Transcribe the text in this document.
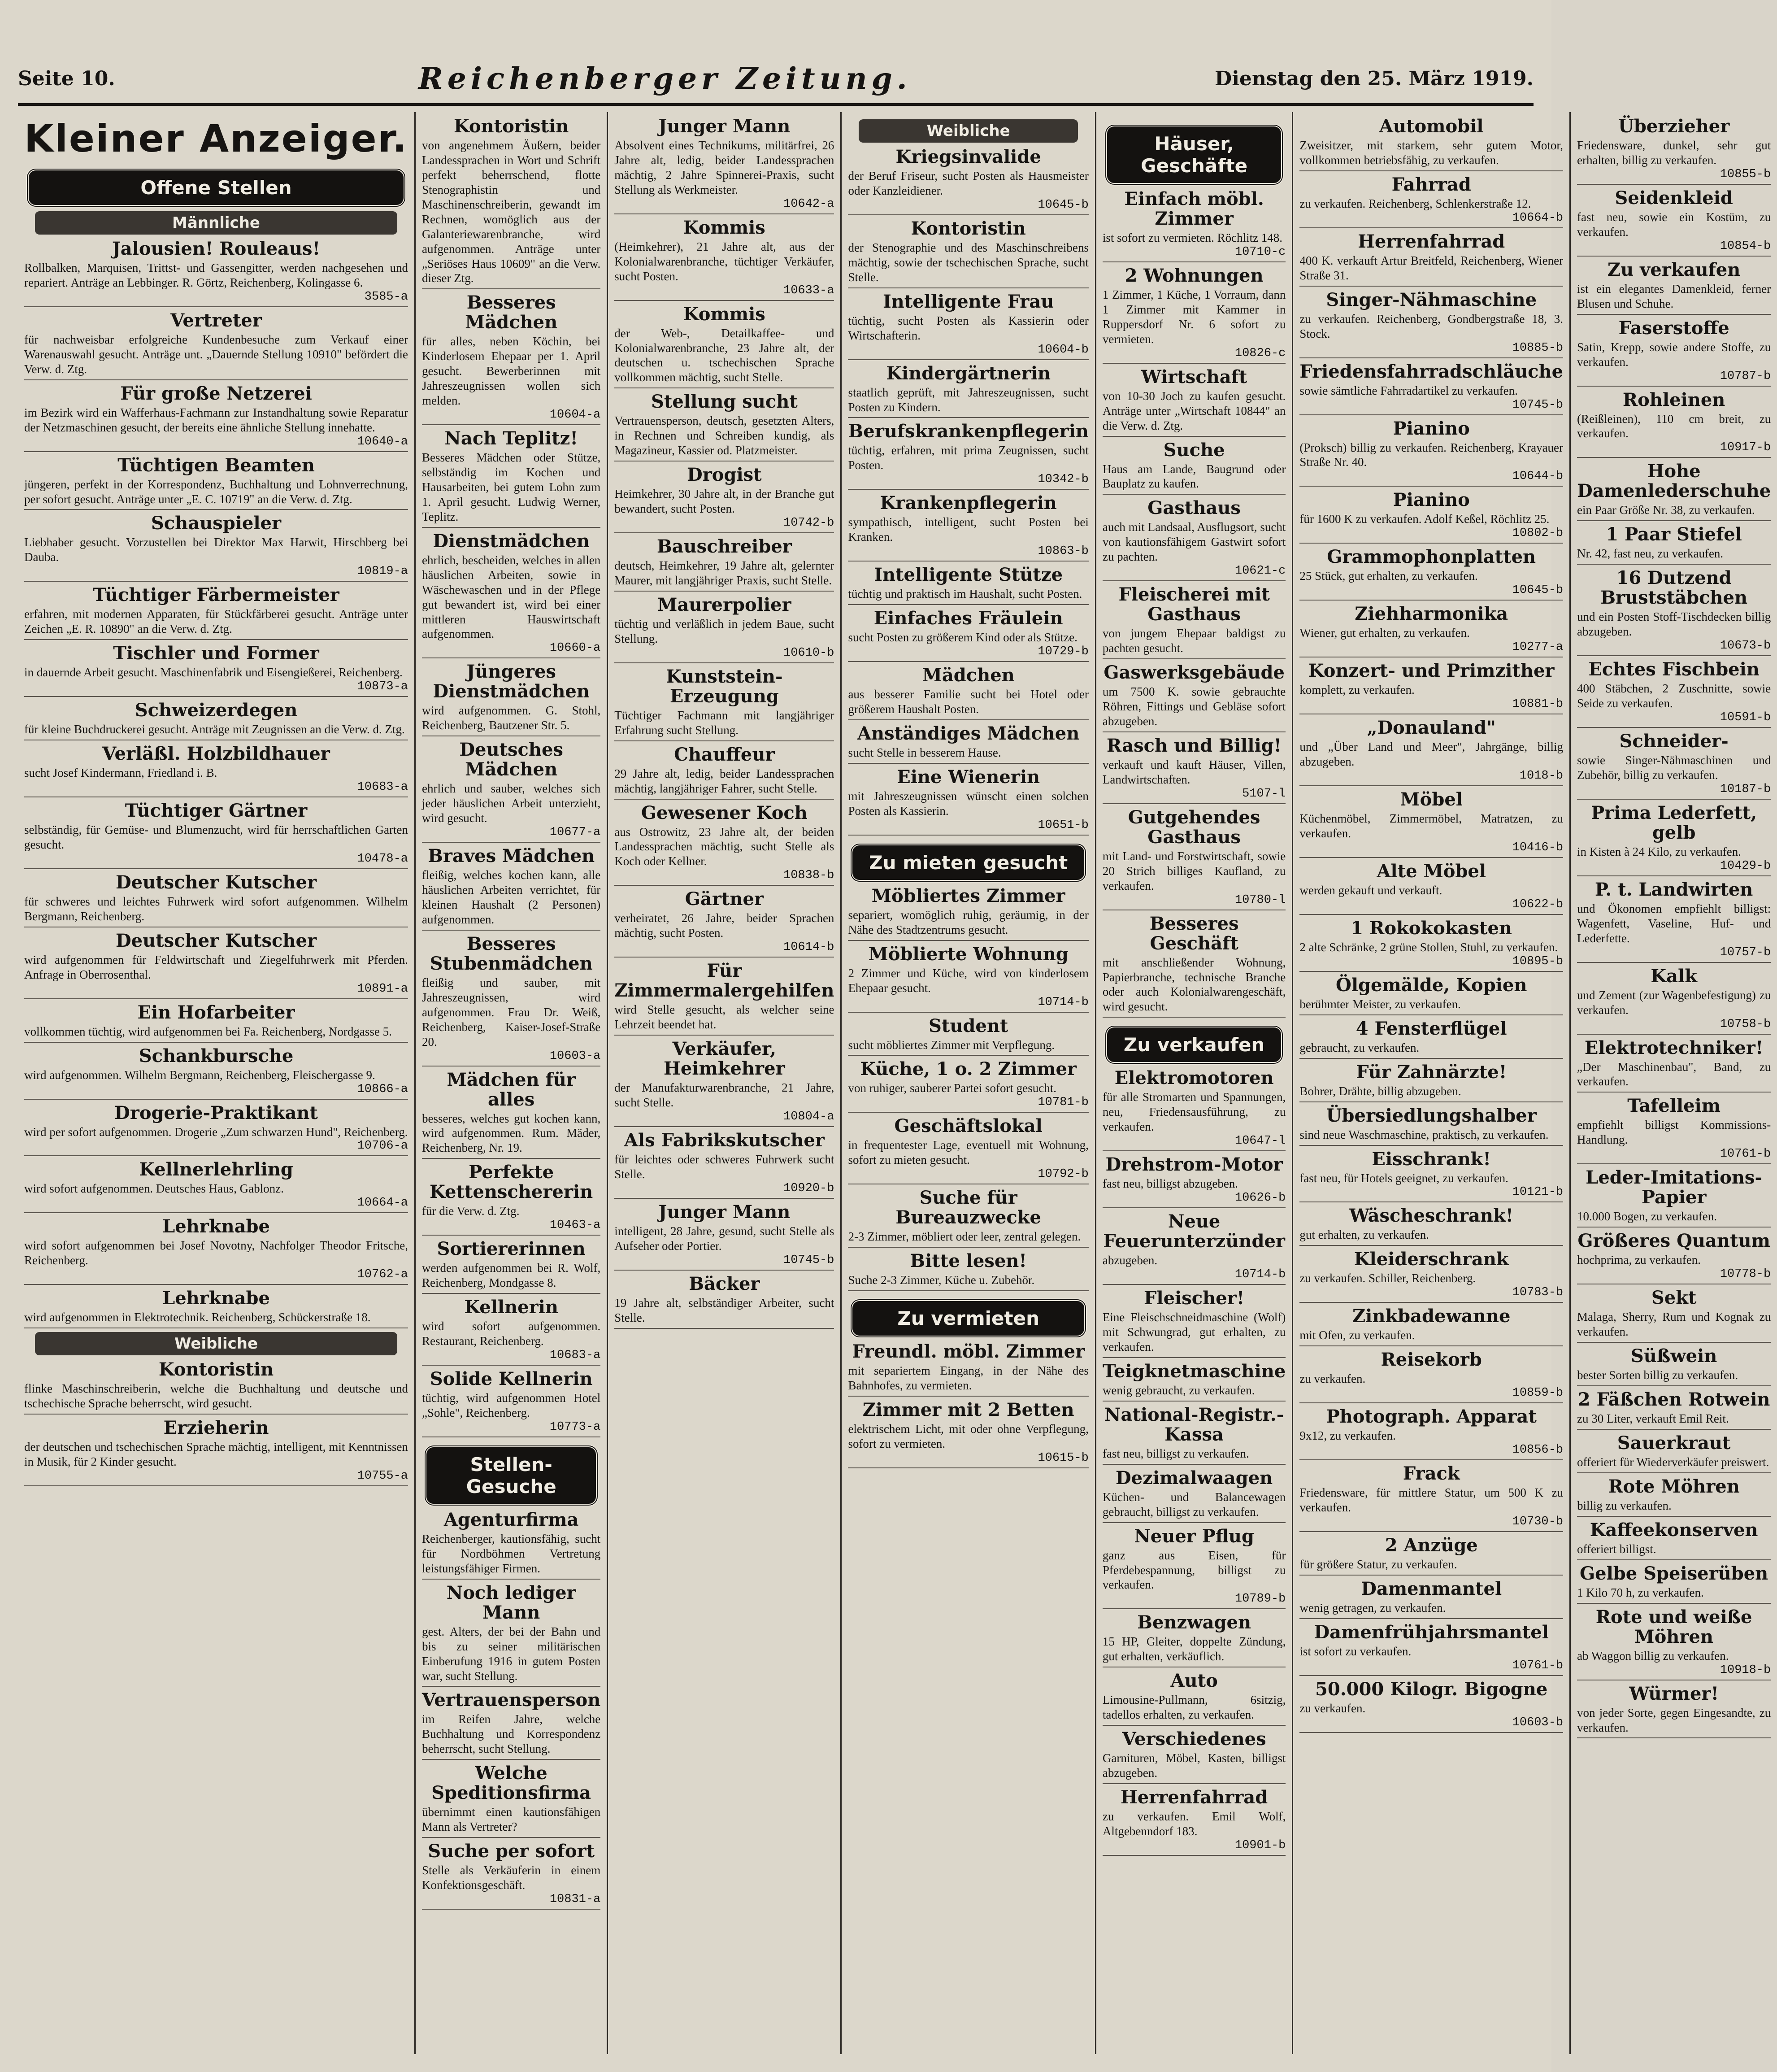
Seite 10.	Reichenberger Zeitung.	Dienstag den 25. März 1919.
Kleiner Anzeiger.
Offene Stellen
Männliche
Jalousien! Rouleaus!
Rollbalken, Marquisen, Trittst- und Gassengitter, werden nachgesehen und repariert. Anträge an Lebbinger. R. Görtz, Reichenberg, Kolingasse 6.
3585-a
Vertreter
für nachweisbar erfolgreiche Kundenbesuche zum Verkauf einer Warenauswahl gesucht. Anträge unt. „Dauernde Stellung 10910" befördert die Verw. d. Ztg.
Für große Netzerei
im Bezirk wird ein Wafferhaus-Fachmann zur Instandhaltung sowie Reparatur der Netzmaschinen gesucht, der bereits eine ähnliche Stellung innehatte.
10640-a
Tüchtigen Beamten
jüngeren, perfekt in der Korrespondenz, Buchhaltung und Lohnverrechnung, per sofort gesucht. Anträge unter „E. C. 10719" an die Verw. d. Ztg.
Schauspieler
Liebhaber gesucht. Vorzustellen bei Direktor Max Harwit, Hirschberg bei Dauba.
10819-a
Tüchtiger Färbermeister
erfahren, mit modernen Apparaten, für Stückfärberei gesucht. Anträge unter Zeichen „E. R. 10890" an die Verw. d. Ztg.
Tischler und Former
in dauernde Arbeit gesucht. Maschinenfabrik und Eisengießerei, Reichenberg.
10873-a
Schweizerdegen
für kleine Buchdruckerei gesucht. Anträge mit Zeugnissen an die Verw. d. Ztg.
Verläßl. Holzbildhauer
sucht Josef Kindermann, Friedland i. B.
10683-a
Tüchtiger Gärtner
selbständig, für Gemüse- und Blumenzucht, wird für herrschaftlichen Garten gesucht.
10478-a
Deutscher Kutscher
für schweres und leichtes Fuhrwerk wird sofort aufgenommen. Wilhelm Bergmann, Reichenberg.
Deutscher Kutscher
wird aufgenommen für Feldwirtschaft und Ziegelfuhrwerk mit Pferden. Anfrage in Oberrosenthal.
10891-a
Ein Hofarbeiter
vollkommen tüchtig, wird aufgenommen bei Fa. Reichenberg, Nordgasse 5.
Schankbursche
wird aufgenommen. Wilhelm Bergmann, Reichenberg, Fleischergasse 9.
10866-a
Drogerie-Praktikant
wird per sofort aufgenommen. Drogerie „Zum schwarzen Hund", Reichenberg.
10706-a
Kellnerlehrling
wird sofort aufgenommen. Deutsches Haus, Gablonz.
10664-a
Lehrknabe
wird sofort aufgenommen bei Josef Novotny, Nachfolger Theodor Fritsche, Reichenberg.
10762-a
Lehrknabe
wird aufgenommen in Elektrotechnik. Reichenberg, Schückerstraße 18.
Weibliche
Kontoristin
flinke Maschinschreiberin, welche die Buchhaltung und deutsche und tschechische Sprache beherrscht, wird gesucht.
Erzieherin
der deutschen und tschechischen Sprache mächtig, intelligent, mit Kenntnissen in Musik, für 2 Kinder gesucht.
10755-a
Kontoristin
von angenehmem Äußern, beider Landessprachen in Wort und Schrift perfekt beherrschend, flotte Stenographistin und Maschinenschreiberin, gewandt im Rechnen, womöglich aus der Galanteriewarenbranche, wird aufgenommen. Anträge unter „Seriöses Haus 10609" an die Verw. dieser Ztg.
Besseres Mädchen
für alles, neben Köchin, bei Kinderlosem Ehepaar per 1. April gesucht. Bewerberinnen mit Jahreszeugnissen wollen sich melden.
10604-a
Nach Teplitz!
Besseres Mädchen oder Stütze, selbständig im Kochen und Hausarbeiten, bei gutem Lohn zum 1. April gesucht. Ludwig Werner, Teplitz.
Dienstmädchen
ehrlich, bescheiden, welches in allen häuslichen Arbeiten, sowie in Wäschewaschen und in der Pflege gut bewandert ist, wird bei einer mittleren Hauswirtschaft aufgenommen.
10660-a
Jüngeres Dienstmädchen
wird aufgenommen. G. Stohl, Reichenberg, Bautzener Str. 5.
Deutsches Mädchen
ehrlich und sauber, welches sich jeder häuslichen Arbeit unterzieht, wird gesucht.
10677-a
Braves Mädchen
fleißig, welches kochen kann, alle häuslichen Arbeiten verrichtet, für kleinen Haushalt (2 Personen) aufgenommen.
Besseres Stubenmädchen
fleißig und sauber, mit Jahreszeugnissen, wird aufgenommen. Frau Dr. Weiß, Reichenberg, Kaiser-Josef-Straße 20.
10603-a
Mädchen für alles
besseres, welches gut kochen kann, wird aufgenommen. Rum. Mäder, Reichenberg, Nr. 19.
Perfekte Kettenschererin
für die Verw. d. Ztg.
10463-a
Sortiererinnen
werden aufgenommen bei R. Wolf, Reichenberg, Mondgasse 8.
Kellnerin
wird sofort aufgenommen. Restaurant, Reichenberg.
10683-a
Solide Kellnerin
tüchtig, wird aufgenommen Hotel „Sohle", Reichenberg.
10773-a
Stellen-Gesuche
Agenturfirma
Reichenberger, kautionsfähig, sucht für Nordböhmen Vertretung leistungsfähiger Firmen.
Noch lediger Mann
gest. Alters, der bei der Bahn und bis zu seiner militärischen Einberufung 1916 in gutem Posten war, sucht Stellung.
Vertrauensperson
im Reifen Jahre, welche Buchhaltung und Korrespondenz beherrscht, sucht Stellung.
Welche Speditionsfirma
übernimmt einen kautionsfähigen Mann als Vertreter?
Suche per sofort
Stelle als Verkäuferin in einem Konfektionsgeschäft.
10831-a
Junger Mann
Absolvent eines Technikums, militärfrei, 26 Jahre alt, ledig, beider Landessprachen mächtig, 2 Jahre Spinnerei-Praxis, sucht Stellung als Werkmeister.
10642-a
Kommis
(Heimkehrer), 21 Jahre alt, aus der Kolonialwarenbranche, tüchtiger Verkäufer, sucht Posten.
10633-a
Kommis
der Web-, Detailkaffee- und Kolonialwarenbranche, 23 Jahre alt, der deutschen u. tschechischen Sprache vollkommen mächtig, sucht Stelle.
Stellung sucht
Vertrauensperson, deutsch, gesetzten Alters, in Rechnen und Schreiben kundig, als Magazineur, Kassier od. Platzmeister.
Drogist
Heimkehrer, 30 Jahre alt, in der Branche gut bewandert, sucht Posten.
10742-b
Bauschreiber
deutsch, Heimkehrer, 19 Jahre alt, gelernter Maurer, mit langjähriger Praxis, sucht Stelle.
Maurerpolier
tüchtig und verläßlich in jedem Baue, sucht Stellung.
10610-b
Kunststein-Erzeugung
Tüchtiger Fachmann mit langjähriger Erfahrung sucht Stellung.
Chauffeur
29 Jahre alt, ledig, beider Landessprachen mächtig, langjähriger Fahrer, sucht Stelle.
Gewesener Koch
aus Ostrowitz, 23 Jahre alt, der beiden Landessprachen mächtig, sucht Stelle als Koch oder Kellner.
10838-b
Gärtner
verheiratet, 26 Jahre, beider Sprachen mächtig, sucht Posten.
10614-b
Für Zimmermalergehilfen
wird Stelle gesucht, als welcher seine Lehrzeit beendet hat.
Verkäufer, Heimkehrer
der Manufakturwarenbranche, 21 Jahre, sucht Stelle.
10804-a
Als Fabrikskutscher
für leichtes oder schweres Fuhrwerk sucht Stelle.
10920-b
Junger Mann
intelligent, 28 Jahre, gesund, sucht Stelle als Aufseher oder Portier.
10745-b
Bäcker
19 Jahre alt, selbständiger Arbeiter, sucht Stelle.
Weibliche
Kriegsinvalide
der Beruf Friseur, sucht Posten als Hausmeister oder Kanzleidiener.
10645-b
Kontoristin
der Stenographie und des Maschinschreibens mächtig, sowie der tschechischen Sprache, sucht Stelle.
Intelligente Frau
tüchtig, sucht Posten als Kassierin oder Wirtschafterin.
10604-b
Kindergärtnerin
staatlich geprüft, mit Jahreszeugnissen, sucht Posten zu Kindern.
Berufskrankenpflegerin
tüchtig, erfahren, mit prima Zeugnissen, sucht Posten.
10342-b
Krankenpflegerin
sympathisch, intelligent, sucht Posten bei Kranken.
10863-b
Intelligente Stütze
tüchtig und praktisch im Haushalt, sucht Posten.
Einfaches Fräulein
sucht Posten zu größerem Kind oder als Stütze.
10729-b
Mädchen
aus besserer Familie sucht bei Hotel oder größerem Haushalt Posten.
Anständiges Mädchen
sucht Stelle in besserem Hause.
Eine Wienerin
mit Jahreszeugnissen wünscht einen solchen Posten als Kassierin.
10651-b
Zu mieten gesucht
Möbliertes Zimmer
separiert, womöglich ruhig, geräumig, in der Nähe des Stadtzentrums gesucht.
Möblierte Wohnung
2 Zimmer und Küche, wird von kinderlosem Ehepaar gesucht.
10714-b
Student
sucht möbliertes Zimmer mit Verpflegung.
Küche, 1 o. 2 Zimmer
von ruhiger, sauberer Partei sofort gesucht.
10781-b
Geschäftslokal
in frequentester Lage, eventuell mit Wohnung, sofort zu mieten gesucht.
10792-b
Suche für Bureauzwecke
2-3 Zimmer, möbliert oder leer, zentral gelegen.
Bitte lesen!
Suche 2-3 Zimmer, Küche u. Zubehör.
Zu vermieten
Freundl. möbl. Zimmer
mit separiertem Eingang, in der Nähe des Bahnhofes, zu vermieten.
Zimmer mit 2 Betten
elektrischem Licht, mit oder ohne Verpflegung, sofort zu vermieten.
10615-b
Häuser, Geschäfte
Einfach möbl. Zimmer
ist sofort zu vermieten. Röchlitz 148.
10710-c
2 Wohnungen
1 Zimmer, 1 Küche, 1 Vorraum, dann 1 Zimmer mit Kammer in Ruppersdorf Nr. 6 sofort zu vermieten.
10826-c
Wirtschaft
von 10-30 Joch zu kaufen gesucht. Anträge unter „Wirtschaft 10844" an die Verw. d. Ztg.
Suche
Haus am Lande, Baugrund oder Bauplatz zu kaufen.
Gasthaus
auch mit Landsaal, Ausflugsort, sucht von kautionsfähigem Gastwirt sofort zu pachten.
10621-c
Fleischerei mit Gasthaus
von jungem Ehepaar baldigst zu pachten gesucht.
Gaswerksgebäude
um 7500 K. sowie gebrauchte Röhren, Fittings und Gebläse sofort abzugeben.
Rasch und Billig!
verkauft und kauft Häuser, Villen, Landwirtschaften.
5107-l
Gutgehendes Gasthaus
mit Land- und Forstwirtschaft, sowie 20 Strich billiges Kaufland, zu verkaufen.
10780-l
Besseres Geschäft
mit anschließender Wohnung, Papierbranche, technische Branche oder auch Kolonialwarengeschäft, wird gesucht.
Zu verkaufen
Elektromotoren
für alle Stromarten und Spannungen, neu, Friedensausführung, zu verkaufen.
10647-l
Drehstrom-Motor
fast neu, billigst abzugeben.
10626-b
Neue Feuerunterzünder
abzugeben.
10714-b
Fleischer!
Eine Fleischschneidmaschine (Wolf) mit Schwungrad, gut erhalten, zu verkaufen.
Teigknetmaschine
wenig gebraucht, zu verkaufen.
National-Registr.-Kassa
fast neu, billigst zu verkaufen.
Dezimalwaagen
Küchen- und Balancewagen gebraucht, billigst zu verkaufen.
Neuer Pflug
ganz aus Eisen, für Pferdebespannung, billigst zu verkaufen.
10789-b
Benzwagen
15 HP, Gleiter, doppelte Zündung, gut erhalten, verkäuflich.
Auto
Limousine-Pullmann, 6sitzig, tadellos erhalten, zu verkaufen.
Verschiedenes
Garnituren, Möbel, Kasten, billigst abzugeben.
Herrenfahrrad
zu verkaufen. Emil Wolf, Altgebenndorf 183.
10901-b
Automobil
Zweisitzer, mit starkem, sehr gutem Motor, vollkommen betriebsfähig, zu verkaufen.
Fahrrad
zu verkaufen. Reichenberg, Schlenkerstraße 12.
10664-b
Herrenfahrrad
400 K. verkauft Artur Breitfeld, Reichenberg, Wiener Straße 31.
Singer-Nähmaschine
zu verkaufen. Reichenberg, Gondbergstraße 18, 3. Stock.
10885-b
Friedensfahrradschläuche
sowie sämtliche Fahrradartikel zu verkaufen.
10745-b
Pianino
(Proksch) billig zu verkaufen. Reichenberg, Krayauer Straße Nr. 40.
10644-b
Pianino
für 1600 K zu verkaufen. Adolf Keßel, Röchlitz 25.
10802-b
Grammophonplatten
25 Stück, gut erhalten, zu verkaufen.
10645-b
Ziehharmonika
Wiener, gut erhalten, zu verkaufen.
10277-a
Konzert- und Primzither
komplett, zu verkaufen.
10881-b
„Donauland"
und „Über Land und Meer", Jahrgänge, billig abzugeben.
1018-b
Möbel
Küchenmöbel, Zimmermöbel, Matratzen, zu verkaufen.
10416-b
Alte Möbel
werden gekauft und verkauft.
10622-b
1 Rokokokasten
2 alte Schränke, 2 grüne Stollen, Stuhl, zu verkaufen.
10895-b
Ölgemälde, Kopien
berühmter Meister, zu verkaufen.
4 Fensterflügel
gebraucht, zu verkaufen.
Für Zahnärzte!
Bohrer, Drähte, billig abzugeben.
Übersiedlungshalber
sind neue Waschmaschine, praktisch, zu verkaufen.
Eisschrank!
fast neu, für Hotels geeignet, zu verkaufen.
10121-b
Wäscheschrank!
gut erhalten, zu verkaufen.
Kleiderschrank
zu verkaufen. Schiller, Reichenberg.
10783-b
Zinkbadewanne
mit Ofen, zu verkaufen.
Reisekorb
zu verkaufen.
10859-b
Photograph. Apparat
9x12, zu verkaufen.
10856-b
Frack
Friedensware, für mittlere Statur, um 500 K zu verkaufen.
10730-b
2 Anzüge
für größere Statur, zu verkaufen.
Damenmantel
wenig getragen, zu verkaufen.
Damenfrühjahrsmantel
ist sofort zu verkaufen.
10761-b
50.000 Kilogr. Bigogne
zu verkaufen.
10603-b
Überzieher
Friedensware, dunkel, sehr gut erhalten, billig zu verkaufen.
10855-b
Seidenkleid
fast neu, sowie ein Kostüm, zu verkaufen.
10854-b
Zu verkaufen
ist ein elegantes Damenkleid, ferner Blusen und Schuhe.
Faserstoffe
Satin, Krepp, sowie andere Stoffe, zu verkaufen.
10787-b
Rohleinen
(Reißleinen), 110 cm breit, zu verkaufen.
10917-b
Hohe Damenlederschuhe
ein Paar Größe Nr. 38, zu verkaufen.
1 Paar Stiefel
Nr. 42, fast neu, zu verkaufen.
16 Dutzend Bruststäbchen
und ein Posten Stoff-Tischdecken billig abzugeben.
10673-b
Echtes Fischbein
400 Stäbchen, 2 Zuschnitte, sowie Seide zu verkaufen.
10591-b
Schneider-
sowie Singer-Nähmaschinen und Zubehör, billig zu verkaufen.
10187-b
Prima Lederfett, gelb
in Kisten à 24 Kilo, zu verkaufen.
10429-b
P. t. Landwirten
und Ökonomen empfiehlt billigst: Wagenfett, Vaseline, Huf- und Lederfette.
10757-b
Kalk
und Zement (zur Wagenbefestigung) zu verkaufen.
10758-b
Elektrotechniker!
„Der Maschinenbau", Band, zu verkaufen.
Tafelleim
empfiehlt billigst Kommissions-Handlung.
10761-b
Leder-Imitations-Papier
10.000 Bogen, zu verkaufen.
Größeres Quantum
hochprima, zu verkaufen.
10778-b
Sekt
Malaga, Sherry, Rum und Kognak zu verkaufen.
Süßwein
bester Sorten billig zu verkaufen.
2 Fäßchen Rotwein
zu 30 Liter, verkauft Emil Reit.
Sauerkraut
offeriert für Wiederverkäufer preiswert.
Rote Möhren
billig zu verkaufen.
Kaffeekonserven
offeriert billigst.
Gelbe Speiserüben
1 Kilo 70 h, zu verkaufen.
Rote und weiße Möhren
ab Waggon billig zu verkaufen.
10918-b
Würmer!
von jeder Sorte, gegen Eingesandte, zu verkaufen.
